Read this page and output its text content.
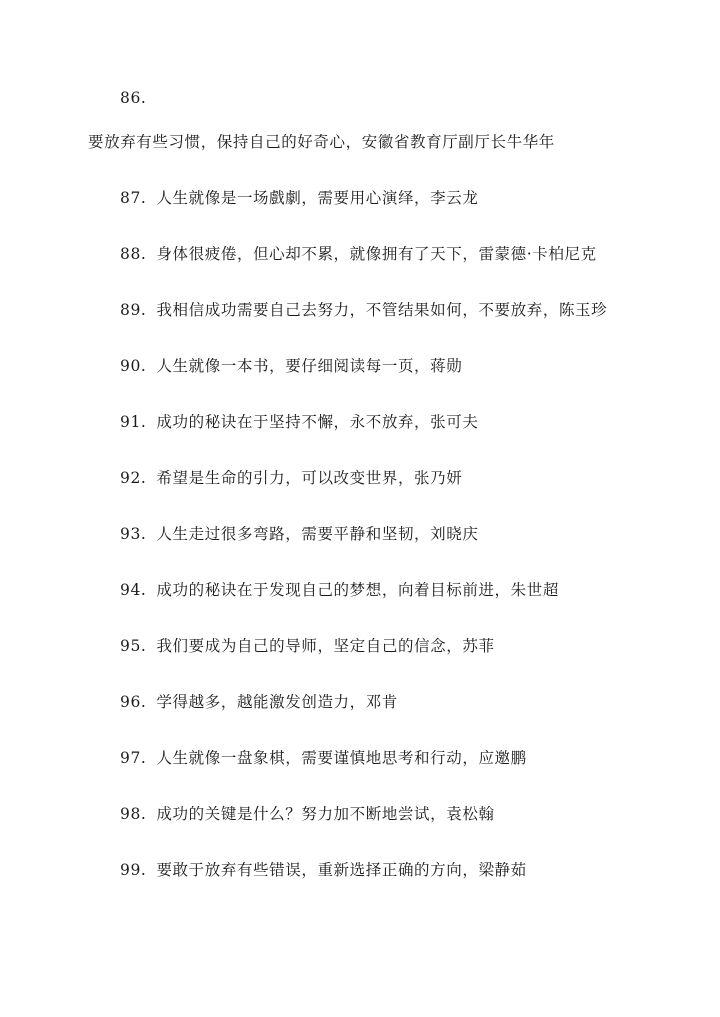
86.
要放弃有些习惯，保持自己的好奇心，安徽省教育厅副厅长牛华年
87. 人生就像是一场戲劇，需要用心演绎，李云龙
88. 身体很疲倦，但心却不累，就像拥有了天下，雷蒙德·卡柏尼克
89. 我相信成功需要自己去努力，不管结果如何，不要放弃，陈玉珍
90. 人生就像一本书，要仔细阅读每一页，蒋勋
91. 成功的秘诀在于坚持不懈，永不放弃，张可夫
92. 希望是生命的引力，可以改变世界，张乃妍
93. 人生走过很多弯路，需要平静和坚韧，刘晓庆
94. 成功的秘诀在于发现自己的梦想，向着目标前进，朱世超
95. 我们要成为自己的导师，坚定自己的信念，苏菲
96. 学得越多，越能激发创造力，邓肯
97. 人生就像一盘象棋，需要谨慎地思考和行动，应邀鹏
98. 成功的关键是什么？努力加不断地尝试，袁松翰
99. 要敢于放弃有些错误，重新选择正确的方向，梁静茹
